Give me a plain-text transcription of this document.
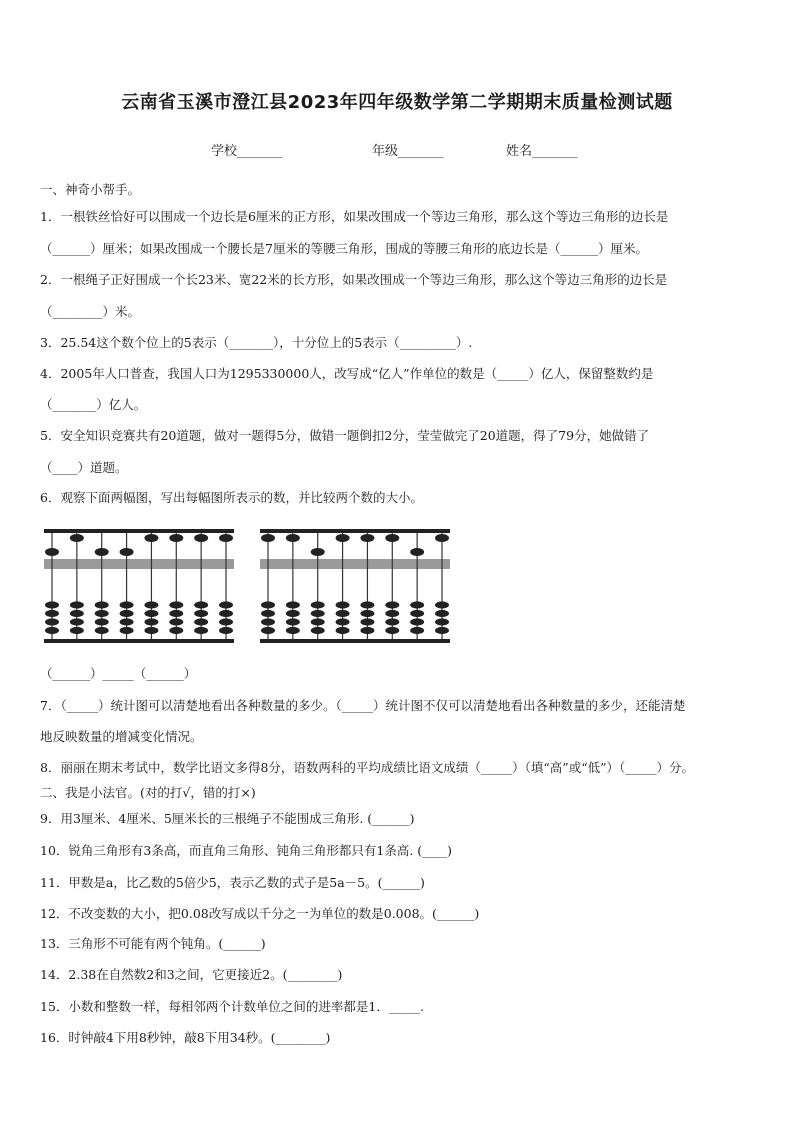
云南省玉溪市澄江县2023年四年级数学第二学期期末质量检测试题
学校_______	年级_______	姓名_______
一、神奇小帮手。
1．一根铁丝恰好可以围成一个边长是6厘米的正方形，如果改围成一个等边三角形，那么这个等边三角形的边长是
（______）厘米；如果改围成一个腰长是7厘米的等腰三角形，围成的等腰三角形的底边长是（______）厘米。
2．一根绳子正好围成一个长23米、宽22米的长方形，如果改围成一个等边三角形，那么这个等边三角形的边长是
（________）米。
3．25.54这个数个位上的5表示（_______），十分位上的5表示（_________）.
4．2005年人口普查，我国人口为1295330000人，改写成“亿人”作单位的数是（_____）亿人，保留整数约是
（_______）亿人。
5．安全知识竞赛共有20道题，做对一题得5分，做错一题倒扣2分，莹莹做完了20道题，得了79分，她做错了
（____）道题。
6．观察下面两幅图，写出每幅图所表示的数，并比较两个数的大小。
（______）_____（______）
7．（_____）统计图可以清楚地看出各种数量的多少。（_____）统计图不仅可以清楚地看出各种数量的多少，还能清楚
地反映数量的增减变化情况。
8．丽丽在期末考试中，数学比语文多得8分，语数两科的平均成绩比语文成绩（_____）（填“高”或“低”）（_____）分。
二、我是小法官。(对的打√，错的打×)
9．用3厘米、4厘米、5厘米长的三根绳子不能围成三角形. (______)
10．锐角三角形有3条高，而直角三角形、钝角三角形都只有1条高. (____)
11．甲数是a，比乙数的5倍少5，表示乙数的式子是5a－5。(______)
12．不改变数的大小，把0.08改写成以千分之一为单位的数是0.008。(______)
13．三角形不可能有两个钝角。(______)
14．2.38在自然数2和3之间，它更接近2。(________)
15．小数和整数一样，每相邻两个计数单位之间的进率都是1．_____.
16．时钟敲4下用8秒钟，敲8下用34秒。(________)
